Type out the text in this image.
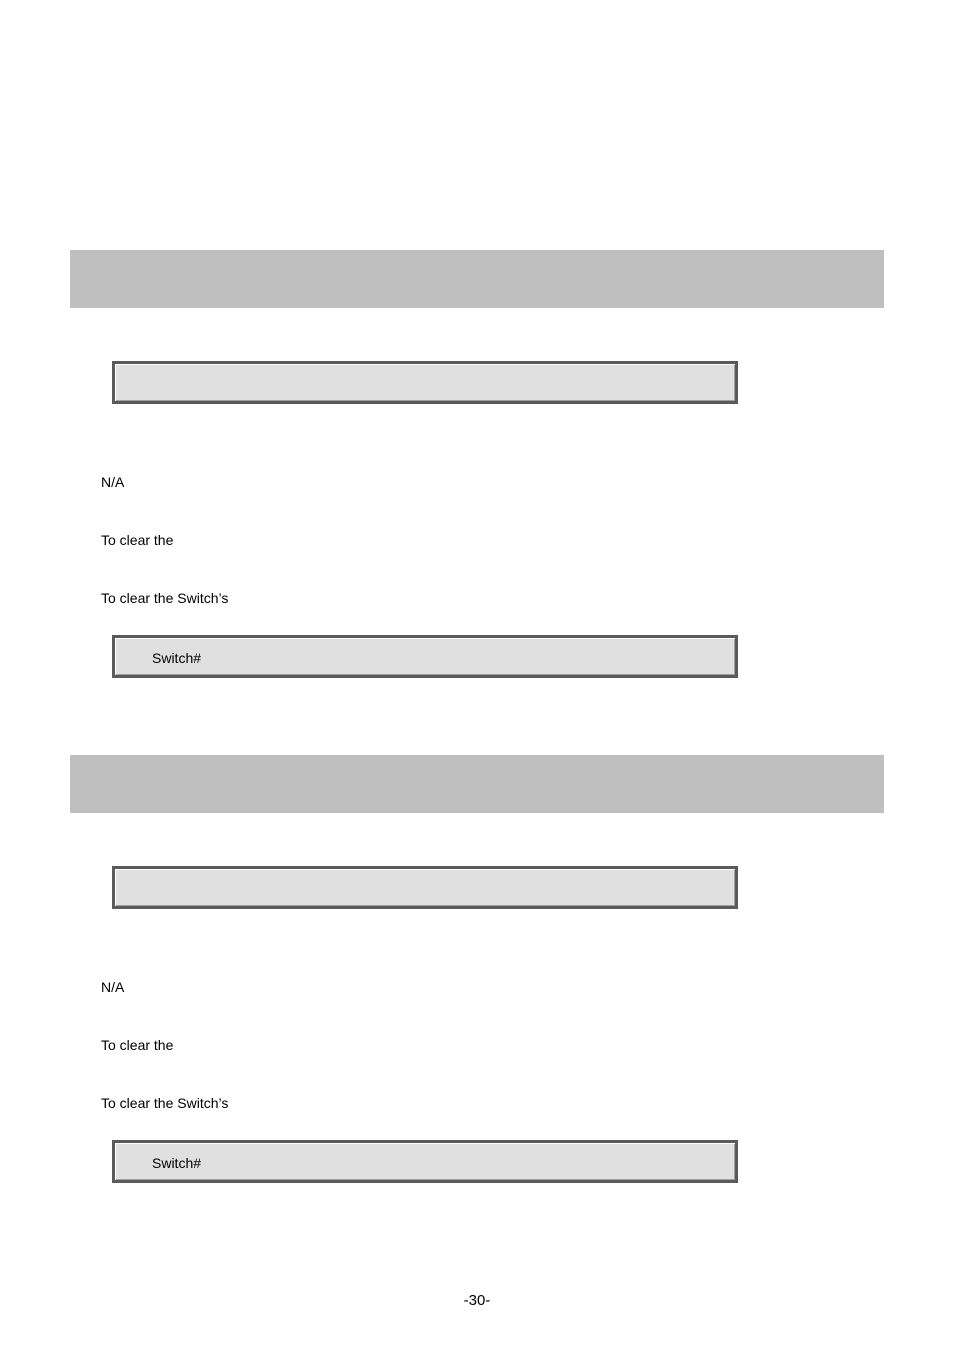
N/A
To clear the
To clear the Switch’s
Switch#
N/A
To clear the
To clear the Switch’s
Switch#
-30-
